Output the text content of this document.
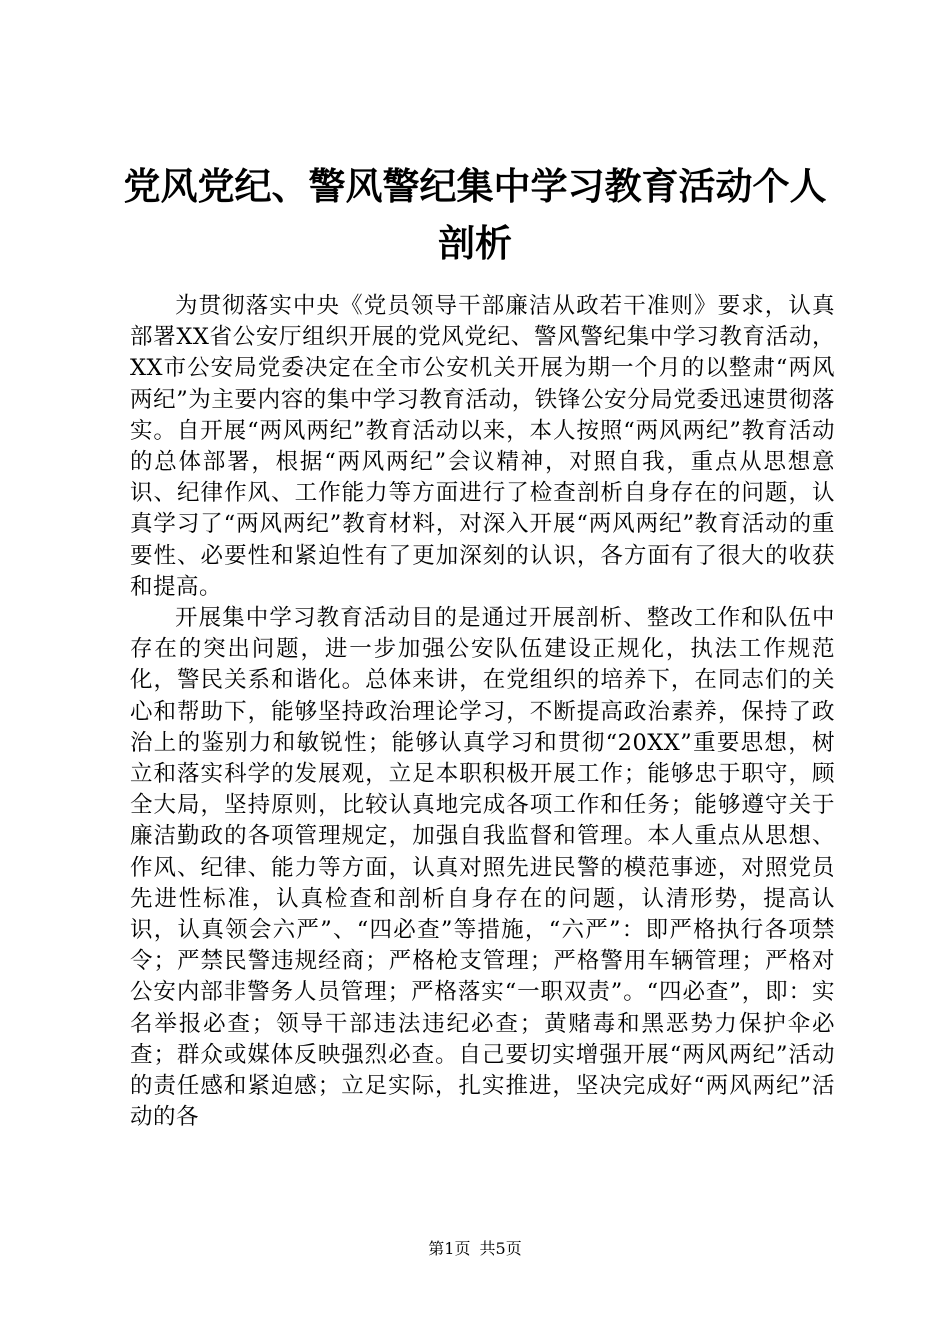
党风党纪、警风警纪集中学习教育活动个人剖析

为贯彻落实中央《党员领导干部廉洁从政若干准则》要求，认真部署XX省公安厅组织开展的党风党纪、警风警纪集中学习教育活动，XX市公安局党委决定在全市公安机关开展为期一个月的以整肃“两风两纪”为主要内容的集中学习教育活动，铁锋公安分局党委迅速贯彻落实。自开展“两风两纪”教育活动以来，本人按照“两风两纪”教育活动的总体部署，根据“两风两纪”会议精神，对照自我，重点从思想意识、纪律作风、工作能力等方面进行了检查剖析自身存在的问题，认真学习了“两风两纪”教育材料，对深入开展“两风两纪”教育活动的重要性、必要性和紧迫性有了更加深刻的认识，各方面有了很大的收获和提高。

开展集中学习教育活动目的是通过开展剖析、整改工作和队伍中存在的突出问题，进一步加强公安队伍建设正规化，执法工作规范化，警民关系和谐化。总体来讲，在党组织的培养下，在同志们的关心和帮助下，能够坚持政治理论学习，不断提高政治素养，保持了政治上的鉴别力和敏锐性；能够认真学习和贯彻“20XX”重要思想，树立和落实科学的发展观，立足本职积极开展工作；能够忠于职守，顾全大局，坚持原则，比较认真地完成各项工作和任务；能够遵守关于廉洁勤政的各项管理规定，加强自我监督和管理。本人重点从思想、作风、纪律、能力等方面，认真对照先进民警的模范事迹，对照党员先进性标准，认真检查和剖析自身存在的问题，认清形势，提高认识，认真领会六严”、“四必查”等措施，“六严”：即严格执行各项禁令；严禁民警违规经商；严格枪支管理；严格警用车辆管理；严格对公安内部非警务人员管理；严格落实“一职双责”。“四必查”，即：实名举报必查；领导干部违法违纪必查；黄赌毒和黑恶势力保护伞必查；群众或媒体反映强烈必查。自己要切实增强开展“两风两纪”活动的责任感和紧迫感；立足实际，扎实推进，坚决完成好“两风两纪”活动的各

第1页 共5页
